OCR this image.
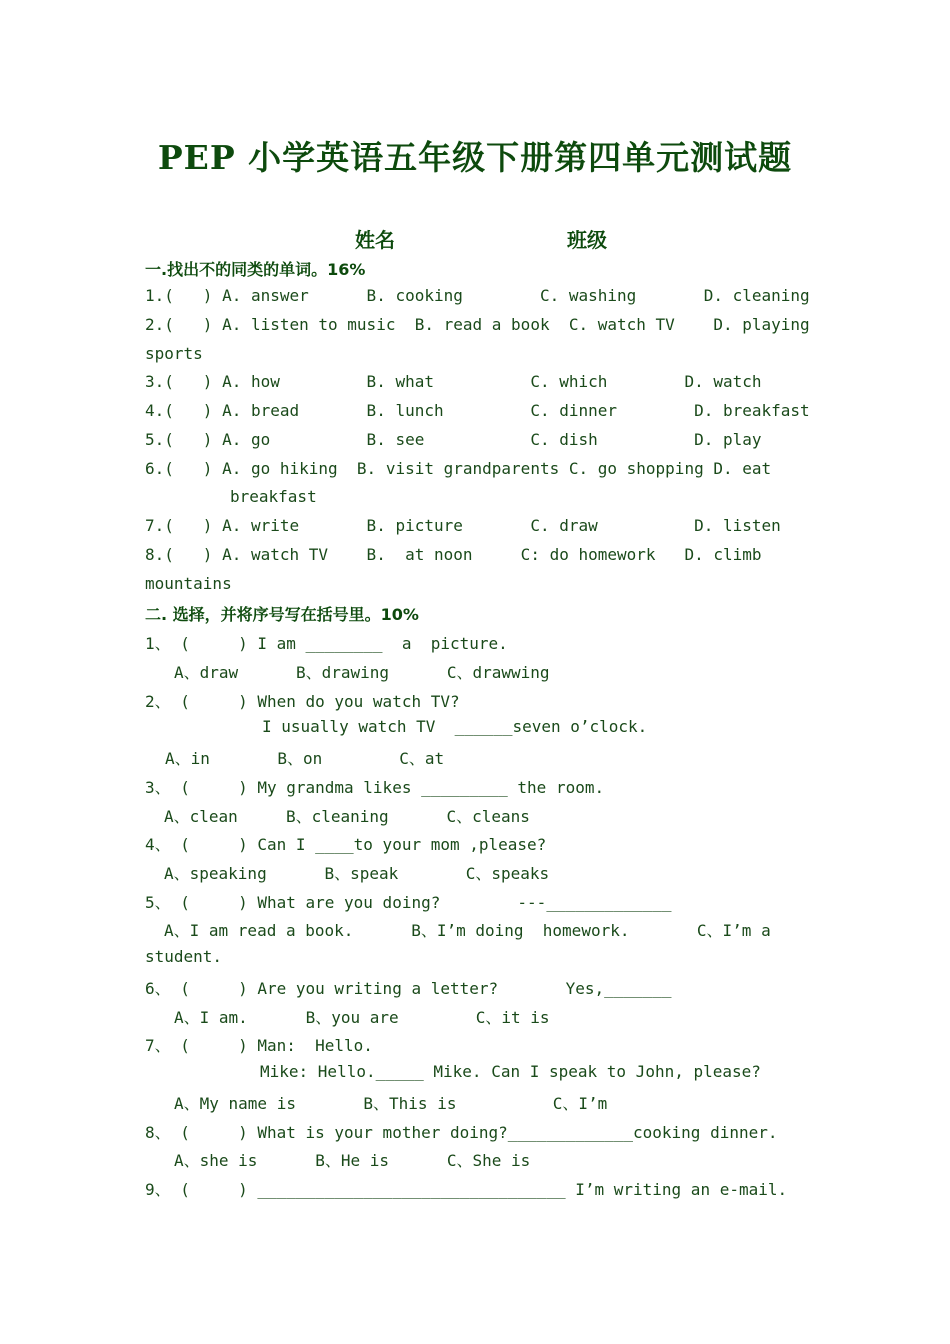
PEP 小学英语五年级下册第四单元测试题
姓名	班级
一.找出不的同类的单词。16%
1.(   ) A. answer      B. cooking        C. washing       D. cleaning
2.(   ) A. listen to music  B. read a book  C. watch TV    D. playing
sports
3.(   ) A. how         B. what          C. which        D. watch
4.(   ) A. bread       B. lunch         C. dinner        D. breakfast
5.(   ) A. go          B. see           C. dish          D. play
6.(   ) A. go hiking  B. visit grandparents C. go shopping D. eat
breakfast
7.(   ) A. write       B. picture       C. draw          D. listen
8.(   ) A. watch TV    B.  at noon     C: do homework   D. climb
mountains
二. 选择，并将序号写在括号里。10%
1、 (     ) I am ________  a  picture.
A、draw      B、drawing      C、drawwing
2、 (     ) When do you watch TV?
I usually watch TV  ______seven o’clock.
A、in       B、on        C、at
3、 (     ) My grandma likes _________ the room.
A、clean     B、cleaning      C、cleans
4、 (     ) Can I ____to your mom ,please?
A、speaking      B、speak       C、speaks
5、 (     ) What are you doing?        ---_____________
A、I am read a book.      B、I’m doing  homework.       C、I’m a
student.
6、 (     ) Are you writing a letter?       Yes,_______
A、I am.      B、you are        C、it is
7、 (     ) Man:  Hello.
Mike: Hello._____ Mike. Can I speak to John, please?
A、My name is       B、This is          C、I’m
8、 (     ) What is your mother doing?_____________cooking dinner.
A、she is      B、He is      C、She is
9、 (     ) ________________________________ I’m writing an e-mail.
